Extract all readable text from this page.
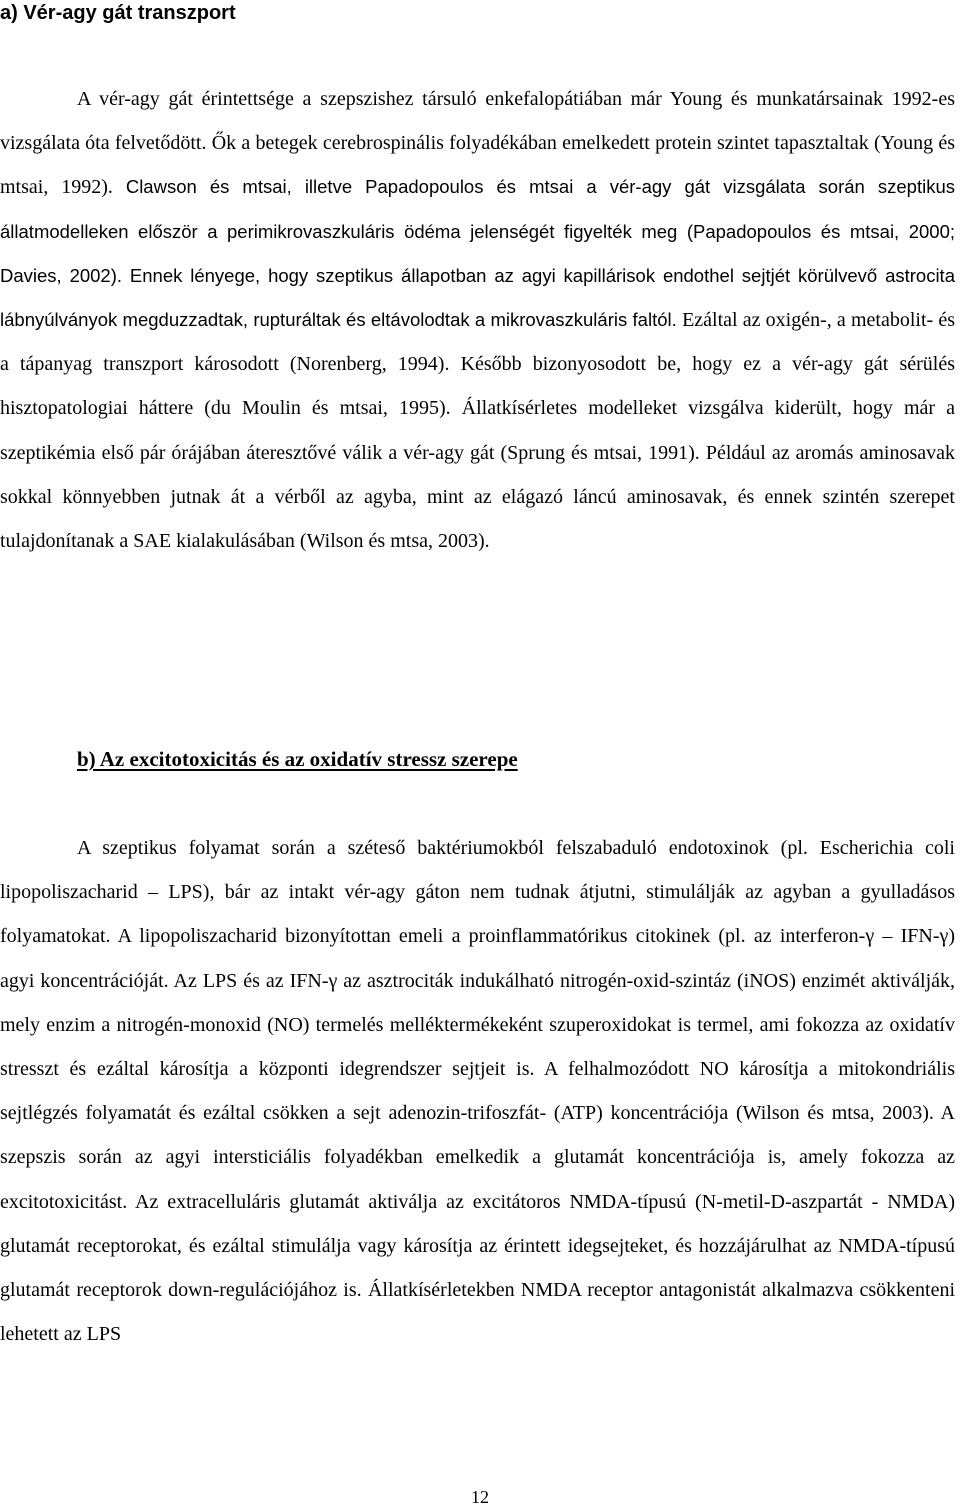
a) Vér-agy gát transzport

A vér-agy gát érintettsége a szepszishez társuló enkefalopátiában már Young és munkatársainak 1992-es vizsgálata óta felvetődött. Ők a betegek cerebrospinális folyadékában emelkedett protein szintet tapasztaltak (Young és mtsai, 1992). Clawson és mtsai, illetve Papadopoulos és mtsai a vér-agy gát vizsgálata során szeptikus állatmodelleken először a perimikrovaszkuláris ödéma jelenségét figyelték meg (Papadopoulos és mtsai, 2000; Davies, 2002). Ennek lényege, hogy szeptikus állapotban az agyi kapillárisok endothel sejtjét körülvevő astrocita lábnyúlványok megduzzadtak, rupturáltak és eltávolodtak a mikrovaszkuláris faltól. Ezáltal az oxigén-, a metabolit- és a tápanyag transzport károsodott (Norenberg, 1994). Később bizonyosodott be, hogy ez a vér-agy gát sérülés hisztopatologiai háttere (du Moulin és mtsai, 1995). Állatkísérletes modelleket vizsgálva kiderült, hogy már a szeptikémia első pár órájában áteresztővé válik a vér-agy gát (Sprung és mtsai, 1991). Például az aromás aminosavak sokkal könnyebben jutnak át a vérből az agyba, mint az elágazó láncú aminosavak, és ennek szintén szerepet tulajdonítanak a SAE kialakulásában (Wilson és mtsa, 2003).

b) Az excitotoxicitás és az oxidatív stressz szerepe

A szeptikus folyamat során a széteső baktériumokból felszabaduló endotoxinok (pl. Escherichia coli lipopoliszacharid – LPS), bár az intakt vér-agy gáton nem tudnak átjutni, stimulálják az agyban a gyulladásos folyamatokat. A lipopoliszacharid bizonyítottan emeli a proinflammatórikus citokinek (pl. az interferon-γ – IFN-γ) agyi koncentrációját. Az LPS és az IFN-γ az asztrociták indukálható nitrogén-oxid-szintáz (iNOS) enzimét aktiválják, mely enzim a nitrogén-monoxid (NO) termelés melléktermékeként szuperoxidokat is termel, ami fokozza az oxidatív stresszt és ezáltal károsítja a központi idegrendszer sejtjeit is. A felhalmozódott NO károsítja a mitokondriális sejtlégzés folyamatát és ezáltal csökken a sejt adenozin-trifoszfát- (ATP) koncentrációja (Wilson és mtsa, 2003). A szepszis során az agyi intersticiális folyadékban emelkedik a glutamát koncentrációja is, amely fokozza az excitotoxicitást. Az extracelluláris glutamát aktiválja az excitátoros NMDA-típusú (N-metil-D-aszpartát - NMDA) glutamát receptorokat, és ezáltal stimulálja vagy károsítja az érintett idegsejteket, és hozzájárulhat az NMDA-típusú glutamát receptorok down-regulációjához is. Állatkísérletekben NMDA receptor antagonistát alkalmazva csökkenteni lehetett az LPS

12
